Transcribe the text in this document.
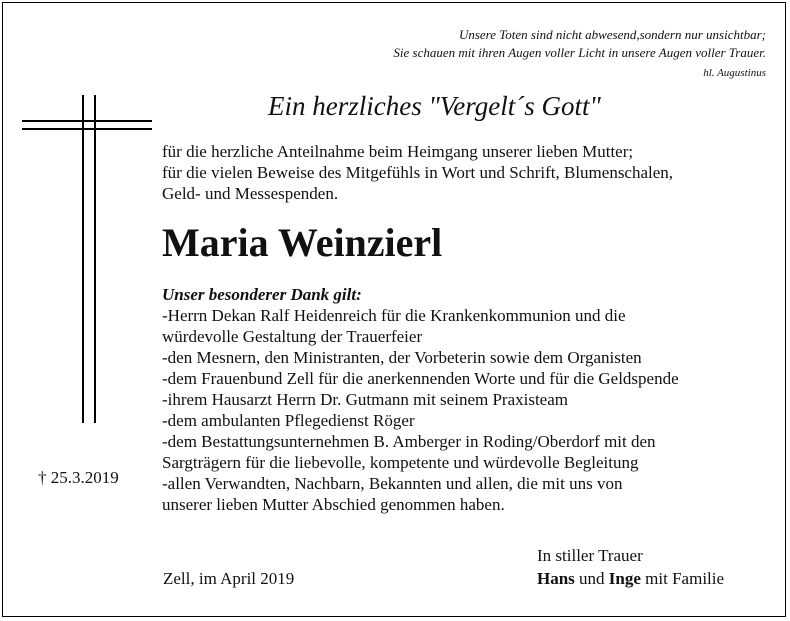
Unsere Toten sind nicht abwesend,sondern nur unsichtbar;
Sie schauen mit ihren Augen voller Licht in unsere Augen voller Trauer.
hl. Augustinus
Ein herzliches "Vergelt´s Gott"
für die herzliche Anteilnahme beim Heimgang unserer lieben Mutter;
für die vielen Beweise des Mitgefühls in Wort und Schrift, Blumenschalen,
Geld- und Messespenden.
Maria Weinzierl
Unser besonderer Dank gilt:
-Herrn Dekan Ralf Heidenreich für die Krankenkommunion und die
würdevolle Gestaltung der Trauerfeier
-den Mesnern, den Ministranten, der Vorbeterin sowie dem Organisten
-dem Frauenbund Zell für die anerkennenden Worte und für die Geldspende
-ihrem Hausarzt Herrn Dr. Gutmann mit seinem Praxisteam
-dem ambulanten Pflegedienst Röger
-dem Bestattungsunternehmen B. Amberger in Roding/Oberdorf mit den
Sargträgern für die liebevolle, kompetente und würdevolle Begleitung
-allen Verwandten, Nachbarn, Bekannten und allen, die mit uns von
unserer lieben Mutter Abschied genommen haben.
† 25.3.2019
Zell, im April 2019
In stiller Trauer
Hans und Inge mit Familie
